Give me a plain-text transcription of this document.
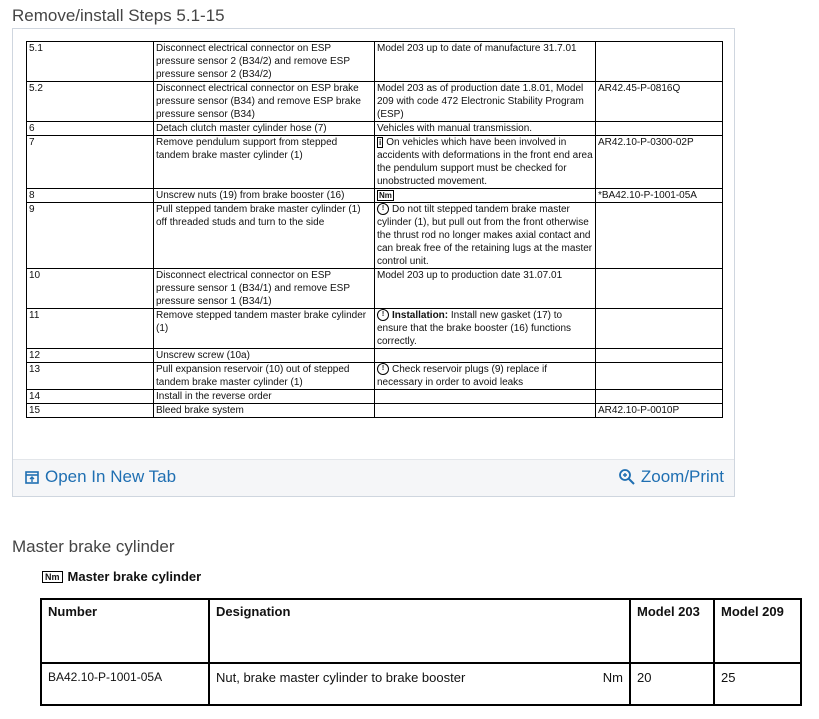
Remove/install Steps 5.1-15
5.1	Disconnect electrical connector on ESP pressure sensor 2 (B34/2) and remove ESP pressure sensor 2 (B34/2)	Model 203 up to date of manufacture 31.7.01	
5.2	Disconnect electrical connector on ESP brake pressure sensor (B34) and remove ESP brake pressure sensor (B34)	Model 203 as of production date 1.8.01, Model 209 with code 472 Electronic Stability Program (ESP)	AR42.45-P-0816Q
6	Detach clutch master cylinder hose (7)	Vehicles with manual transmission.	
7	Remove pendulum support from stepped tandem brake master cylinder (1)	i On vehicles which have been involved in accidents with deformations in the front end area the pendulum support must be checked for unobstructed movement.	AR42.10-P-0300-02P
8	Unscrew nuts (19) from brake booster (16)	Nm	*BA42.10-P-1001-05A
9	Pull stepped tandem brake master cylinder (1) off threaded studs and turn to the side	! Do not tilt stepped tandem brake master cylinder (1), but pull out from the front otherwise the thrust rod no longer makes axial contact and can break free of the retaining lugs at the master control unit.	
10	Disconnect electrical connector on ESP pressure sensor 1 (B34/1) and remove ESP pressure sensor 1 (B34/1)	Model 203 up to production date 31.07.01	
11	Remove stepped tandem master brake cylinder (1)	! Installation: Install new gasket (17) to ensure that the brake booster (16) functions correctly.	
12	Unscrew screw (10a)		
13	Pull expansion reservoir (10) out of stepped tandem brake master cylinder (1)	! Check reservoir plugs (9) replace if necessary in order to avoid leaks	
14	Install in the reverse order		
15	Bleed brake system		AR42.10-P-0010P
Open In New Tab	Zoom/Print
Master brake cylinder
Nm Master brake cylinder
Number	Designation	Model 203	Model 209
BA42.10-P-1001-05A	Nut, brake master cylinder to brake booster Nm	20	25
